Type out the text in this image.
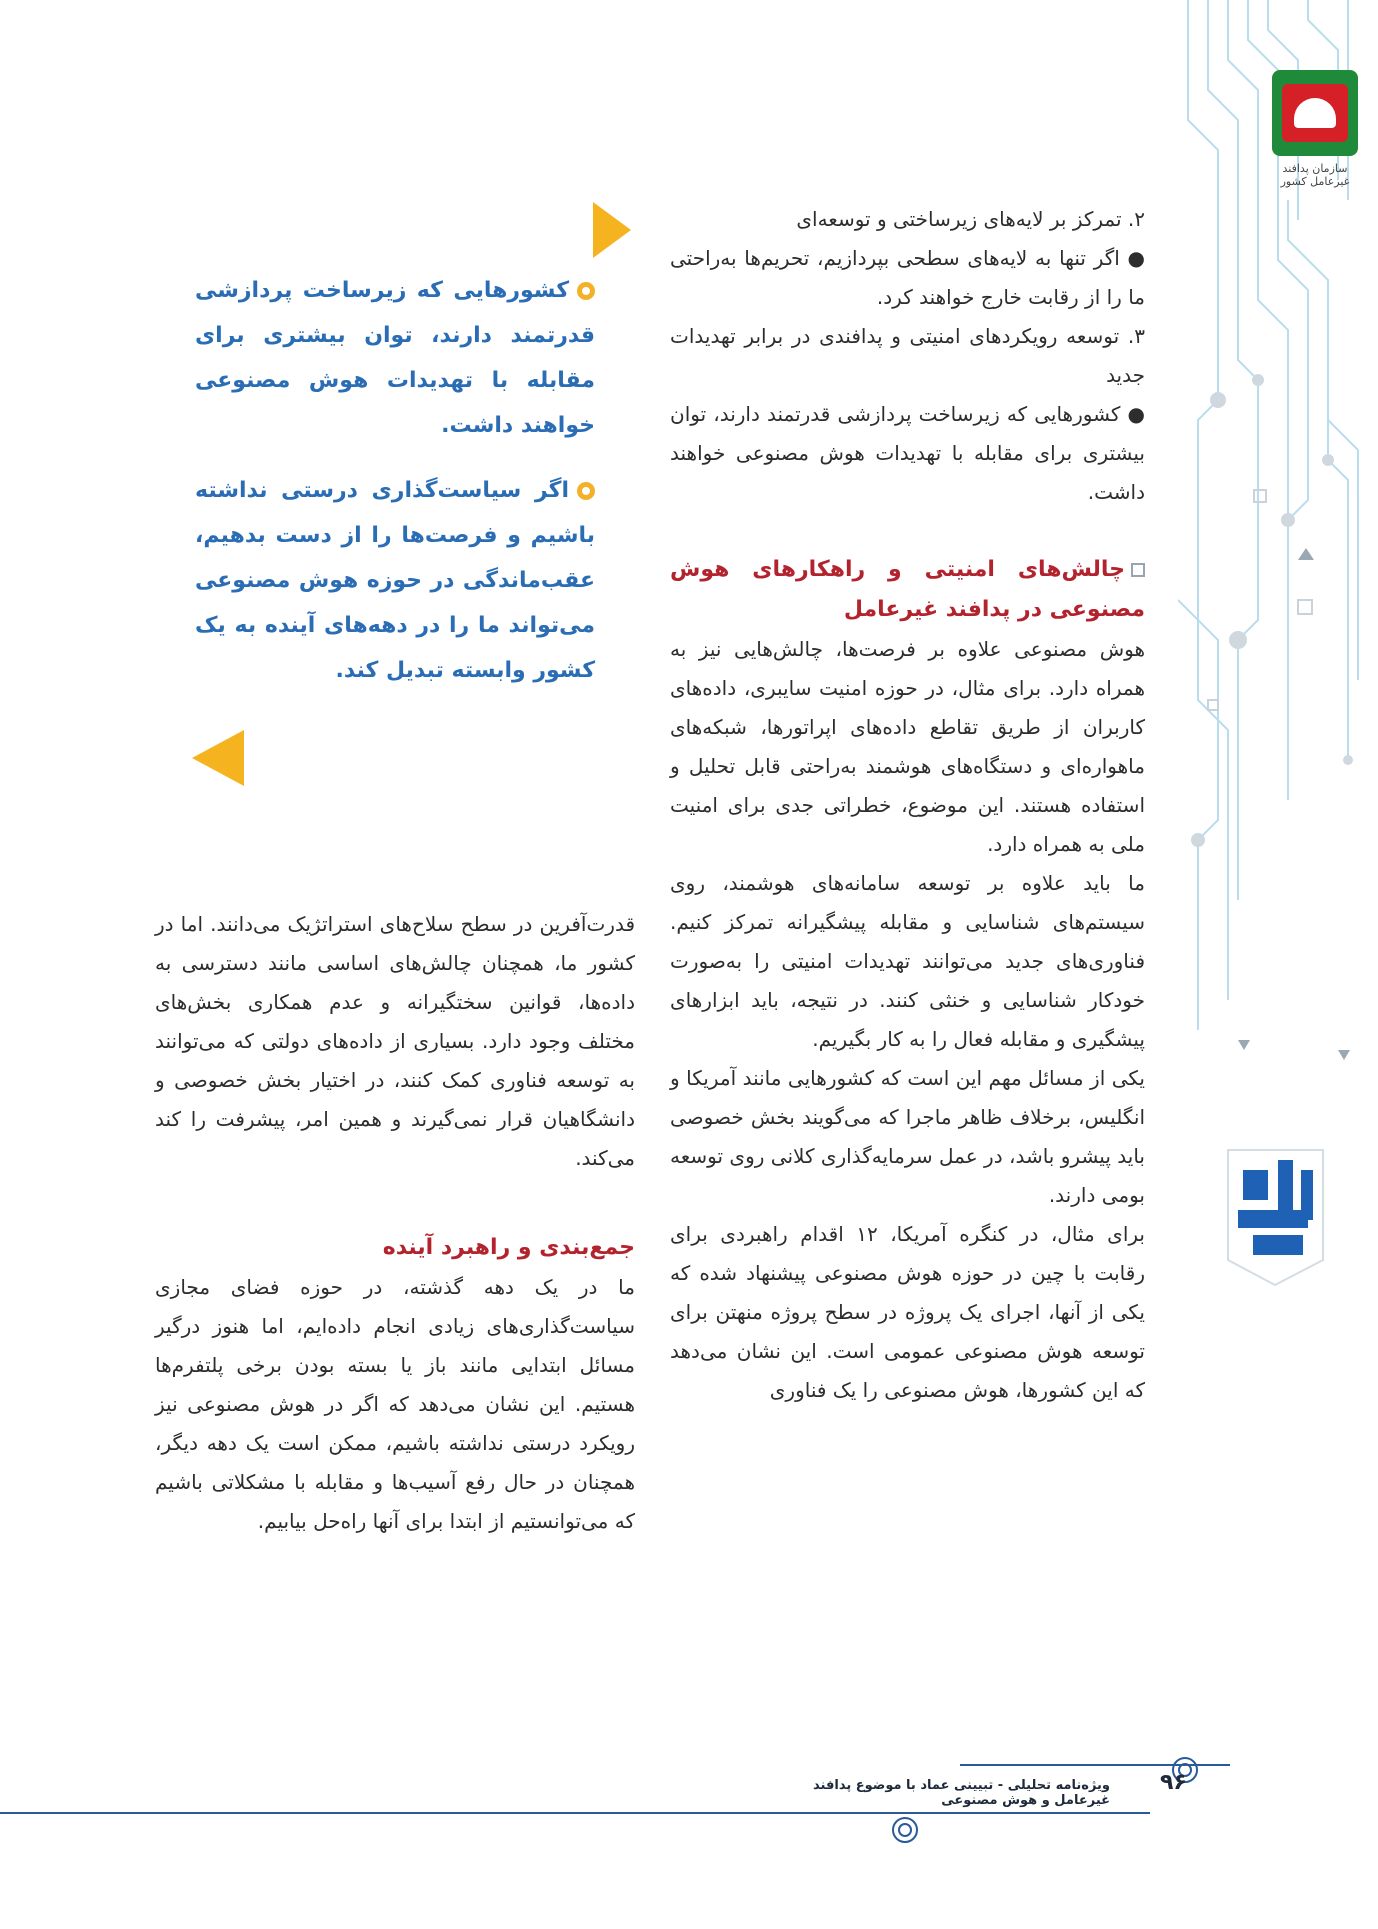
سازمان پدافند غیرعامل کشور

۲. تمرکز بر لایه‌های زیرساختی و توسعه‌ای

● اگر تنها به لایه‌های سطحی بپردازیم، تحریم‌ها به‌راحتی ما را از رقابت خارج خواهند کرد.

۳. توسعه رویکردهای امنیتی و پدافندی در برابر تهدیدات جدید

● کشورهایی که زیرساخت پردازشی قدرتمند دارند، توان بیشتری برای مقابله با تهدیدات هوش مصنوعی خواهند داشت.

چالش‌های امنیتی و راهکارهای هوش مصنوعی در پدافند غیرعامل

هوش مصنوعی علاوه بر فرصت‌ها، چالش‌هایی نیز به همراه دارد. برای مثال، در حوزه امنیت سایبری، داده‌های کاربران از طریق تقاطع داده‌های اپراتورها، شبکه‌های ماهواره‌ای و دستگاه‌های هوشمند به‌راحتی قابل تحلیل و استفاده هستند. این موضوع، خطراتی جدی برای امنیت ملی به همراه دارد.

ما باید علاوه بر توسعه سامانه‌های هوشمند، روی سیستم‌های شناسایی و مقابله پیشگیرانه تمرکز کنیم. فناوری‌های جدید می‌توانند تهدیدات امنیتی را به‌صورت خودکار شناسایی و خنثی کنند. در نتیجه، باید ابزارهای پیشگیری و مقابله فعال را به کار بگیریم.

یکی از مسائل مهم این است که کشورهایی مانند آمریکا و انگلیس، برخلاف ظاهر ماجرا که می‌گویند بخش خصوصی باید پیشرو باشد، در عمل سرمایه‌گذاری کلانی روی توسعه بومی دارند.

برای مثال، در کنگره آمریکا، ۱۲ اقدام راهبردی برای رقابت با چین در حوزه هوش مصنوعی پیشنهاد شده که یکی از آنها، اجرای یک پروژه در سطح پروژه منهتن برای توسعه هوش مصنوعی عمومی است. این نشان می‌دهد که این کشورها، هوش مصنوعی را یک فناوری

کشورهایی که زیرساخت پردازشی قدرتمند دارند، توان بیشتری برای مقابله با تهدیدات هوش مصنوعی خواهند داشت.

اگر سیاست‌گذاری درستی نداشته باشیم و فرصت‌ها را از دست بدهیم، عقب‌ماندگی در حوزه هوش مصنوعی می‌تواند ما را در دهه‌های آینده به یک کشور وابسته تبدیل کند.

قدرت‌آفرین در سطح سلاح‌های استراتژیک می‌دانند. اما در کشور ما، همچنان چالش‌های اساسی مانند دسترسی به داده‌ها، قوانین سختگیرانه و عدم همکاری بخش‌های مختلف وجود دارد. بسیاری از داده‌های دولتی که می‌توانند به توسعه فناوری کمک کنند، در اختیار بخش خصوصی و دانشگاهیان قرار نمی‌گیرند و همین امر، پیشرفت را کند می‌کند.

جمع‌بندی و راهبرد آینده

ما در یک دهه گذشته، در حوزه فضای مجازی سیاست‌گذاری‌های زیادی انجام داده‌ایم، اما هنوز درگیر مسائل ابتدایی مانند باز یا بسته بودن برخی پلتفرم‌ها هستیم. این نشان می‌دهد که اگر در هوش مصنوعی نیز رویکرد درستی نداشته باشیم، ممکن است یک دهه دیگر، همچنان در حال رفع آسیب‌ها و مقابله با مشکلاتی باشیم که می‌توانستیم از ابتدا برای آنها راه‌حل بیابیم.

ویژه‌نامه تحلیلی - تبیینی عماد با موضوع پدافند غیرعامل و هوش مصنوعی
۹۶
